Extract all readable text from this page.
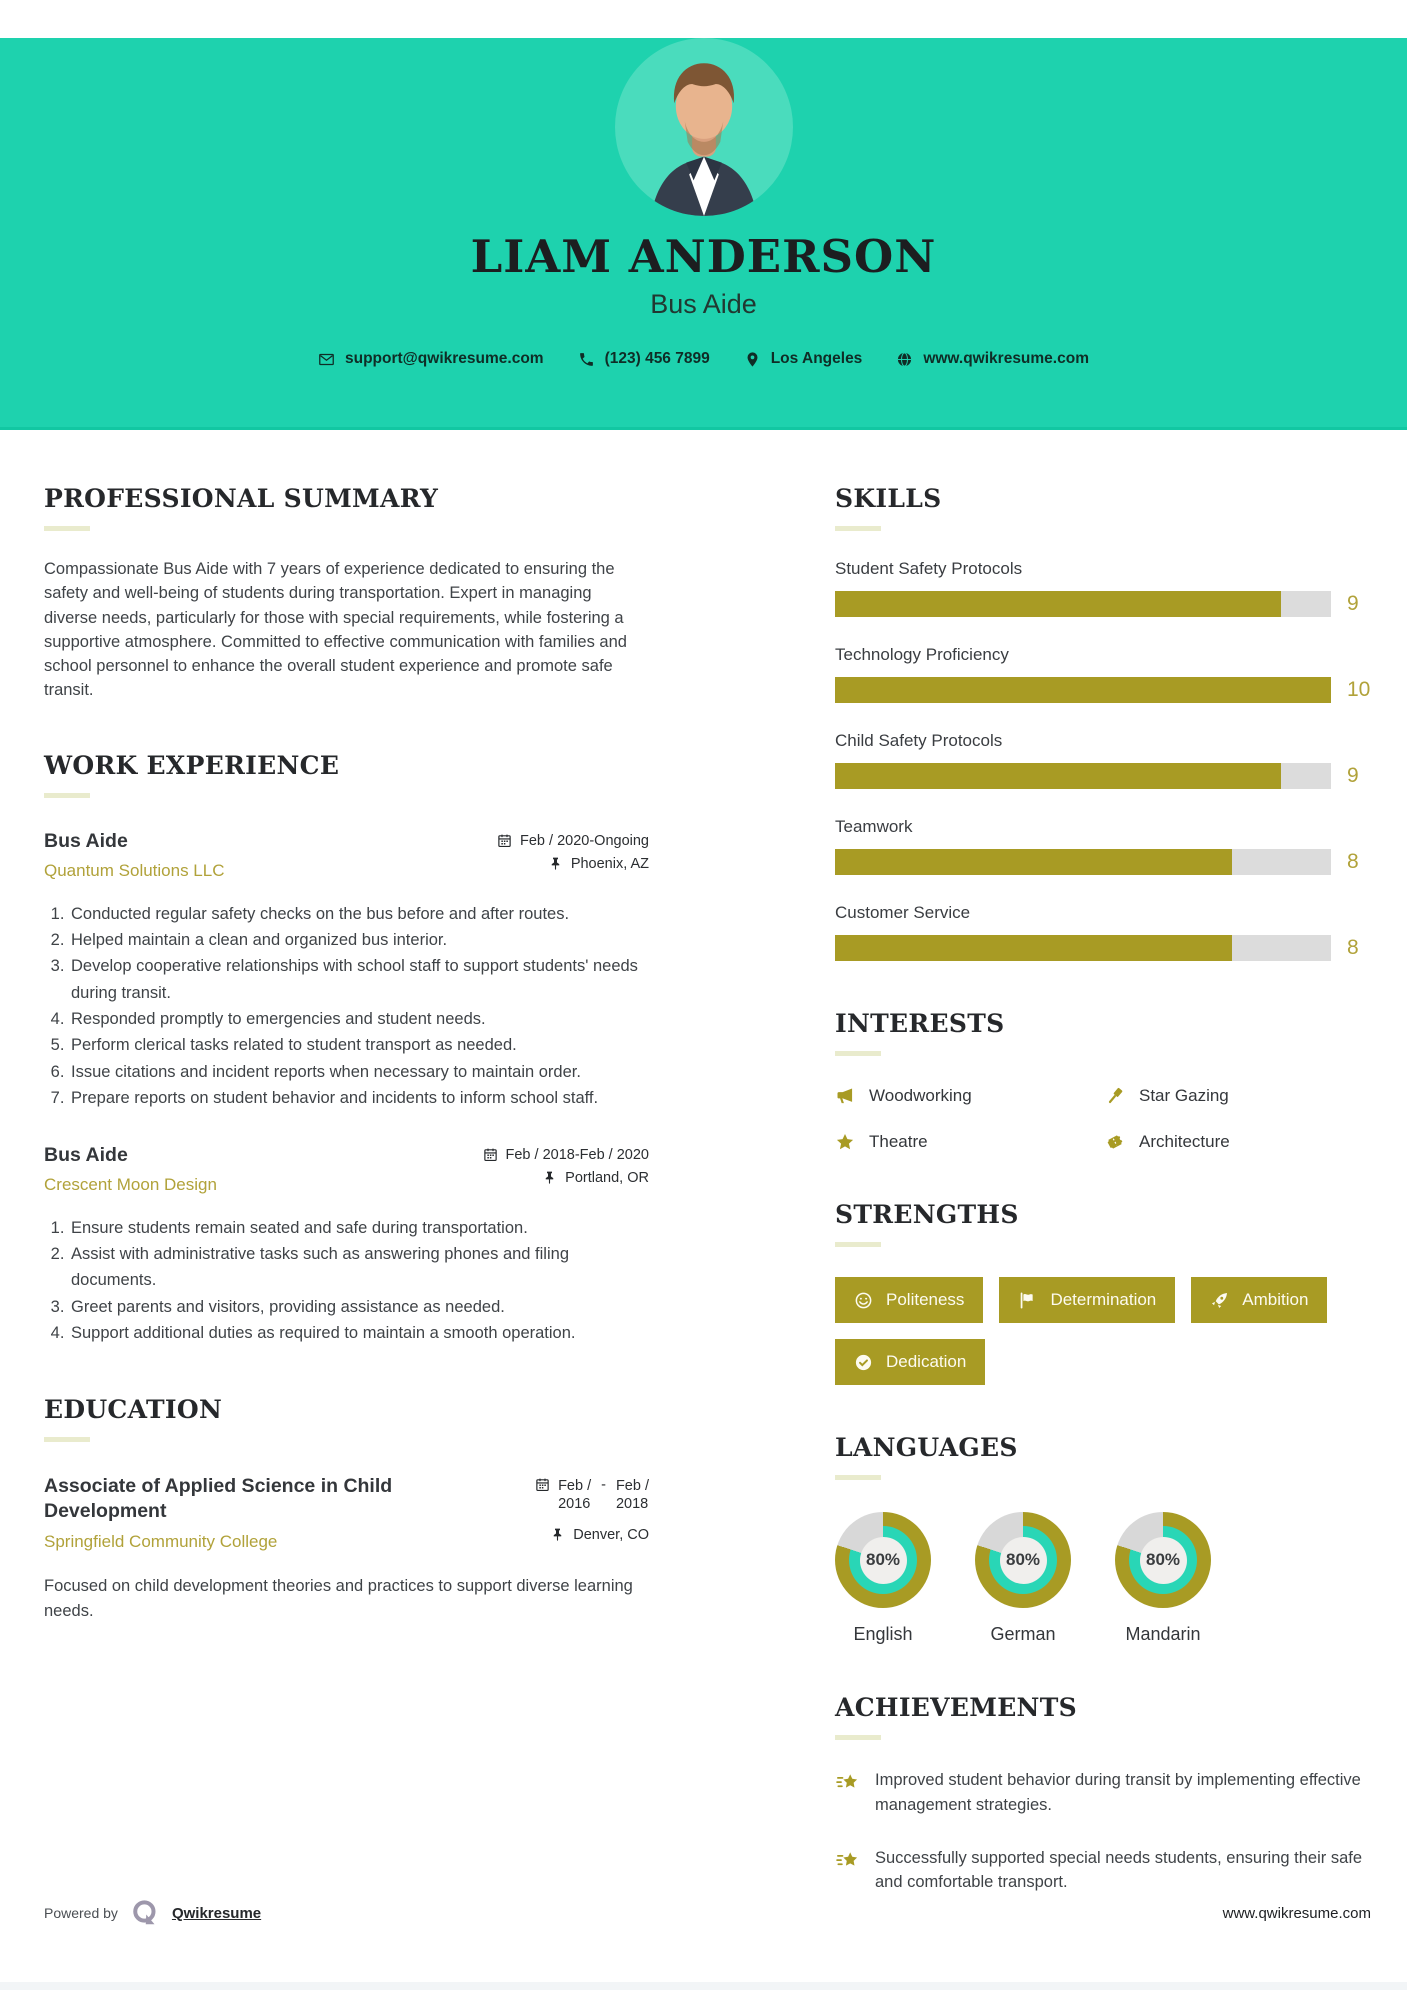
LIAM ANDERSON
Bus Aide
support@qwikresume.com	(123) 456 7899	Los Angeles	www.qwikresume.com
PROFESSIONAL SUMMARY

Compassionate Bus Aide with 7 years of experience dedicated to ensuring the safety and well-being of students during transportation. Expert in managing diverse needs, particularly for those with special requirements, while fostering a supportive atmosphere. Committed to effective communication with families and school personnel to enhance the overall student experience and promote safe transit.

WORK EXPERIENCE
Bus Aide	Feb / 2020-Ongoing
Quantum Solutions LLC	Phoenix, AZ
1. Conducted regular safety checks on the bus before and after routes.
2. Helped maintain a clean and organized bus interior.
3. Develop cooperative relationships with school staff to support students' needs during transit.
4. Responded promptly to emergencies and student needs.
5. Perform clerical tasks related to student transport as needed.
6. Issue citations and incident reports when necessary to maintain order.
7. Prepare reports on student behavior and incidents to inform school staff.
Bus Aide	Feb / 2018-Feb / 2020
Crescent Moon Design	Portland, OR
1. Ensure students remain seated and safe during transportation.
2. Assist with administrative tasks such as answering phones and filing documents.
3. Greet parents and visitors, providing assistance as needed.
4. Support additional duties as required to maintain a smooth operation.
EDUCATION
Associate of Applied Science in Child Development
Feb /
2016
- Feb /
2018
Springfield Community College	Denver, CO

Focused on child development theories and practices to support diverse learning needs.

SKILLS
Student Safety Protocols
9
Technology Proficiency
10
Child Safety Protocols
9
Teamwork
8
Customer Service
8
INTERESTS
Woodworking	Star Gazing
Theatre	Architecture
STRENGTHS
Politeness	Determination	Ambition
Dedication
LANGUAGES
80%
English
80%
German
80%
Mandarin
ACHIEVEMENTS

Improved student behavior during transit by implementing effective management strategies.

Successfully supported special needs students, ensuring their safe and comfortable transport.

Powered by	Qwikresume	www.qwikresume.com
